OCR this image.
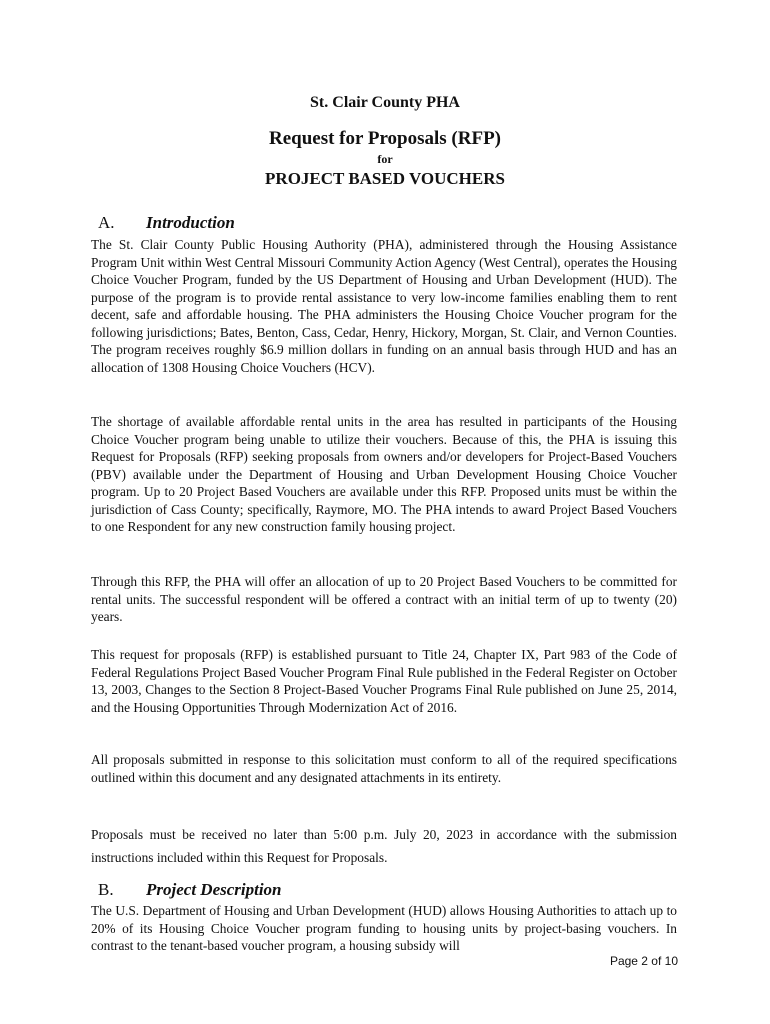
St. Clair County PHA
Request for Proposals (RFP)
for
PROJECT BASED VOUCHERS
A. Introduction

The St. Clair County Public Housing Authority (PHA), administered through the Housing Assistance Program Unit within West Central Missouri Community Action Agency (West Central), operates the Housing Choice Voucher Program, funded by the US Department of Housing and Urban Development (HUD). The purpose of the program is to provide rental assistance to very low-income families enabling them to rent decent, safe and affordable housing. The PHA administers the Housing Choice Voucher program for the following jurisdictions; Bates, Benton, Cass, Cedar, Henry, Hickory, Morgan, St. Clair, and Vernon Counties. The program receives roughly $6.9 million dollars in funding on an annual basis through HUD and has an allocation of 1308 Housing Choice Vouchers (HCV).

The shortage of available affordable rental units in the area has resulted in participants of the Housing Choice Voucher program being unable to utilize their vouchers. Because of this, the PHA is issuing this Request for Proposals (RFP) seeking proposals from owners and/or developers for Project-Based Vouchers (PBV) available under the Department of Housing and Urban Development Housing Choice Voucher program. Up to 20 Project Based Vouchers are available under this RFP. Proposed units must be within the jurisdiction of Cass County; specifically, Raymore, MO. The PHA intends to award Project Based Vouchers to one Respondent for any new construction family housing project.

Through this RFP, the PHA will offer an allocation of up to 20 Project Based Vouchers to be committed for rental units. The successful respondent will be offered a contract with an initial term of up to twenty (20) years.

This request for proposals (RFP) is established pursuant to Title 24, Chapter IX, Part 983 of the Code of Federal Regulations Project Based Voucher Program Final Rule published in the Federal Register on October 13, 2003, Changes to the Section 8 Project-Based Voucher Programs Final Rule published on June 25, 2014, and the Housing Opportunities Through Modernization Act of 2016.

All proposals submitted in response to this solicitation must conform to all of the required specifications outlined within this document and any designated attachments in its entirety.

Proposals must be received no later than 5:00 p.m. July 20, 2023 in accordance with the submission instructions included within this Request for Proposals.

B. Project Description

The U.S. Department of Housing and Urban Development (HUD) allows Housing Authorities to attach up to 20% of its Housing Choice Voucher program funding to housing units by project-basing vouchers. In contrast to the tenant-based voucher program, a housing subsidy will

Page 2 of 10
